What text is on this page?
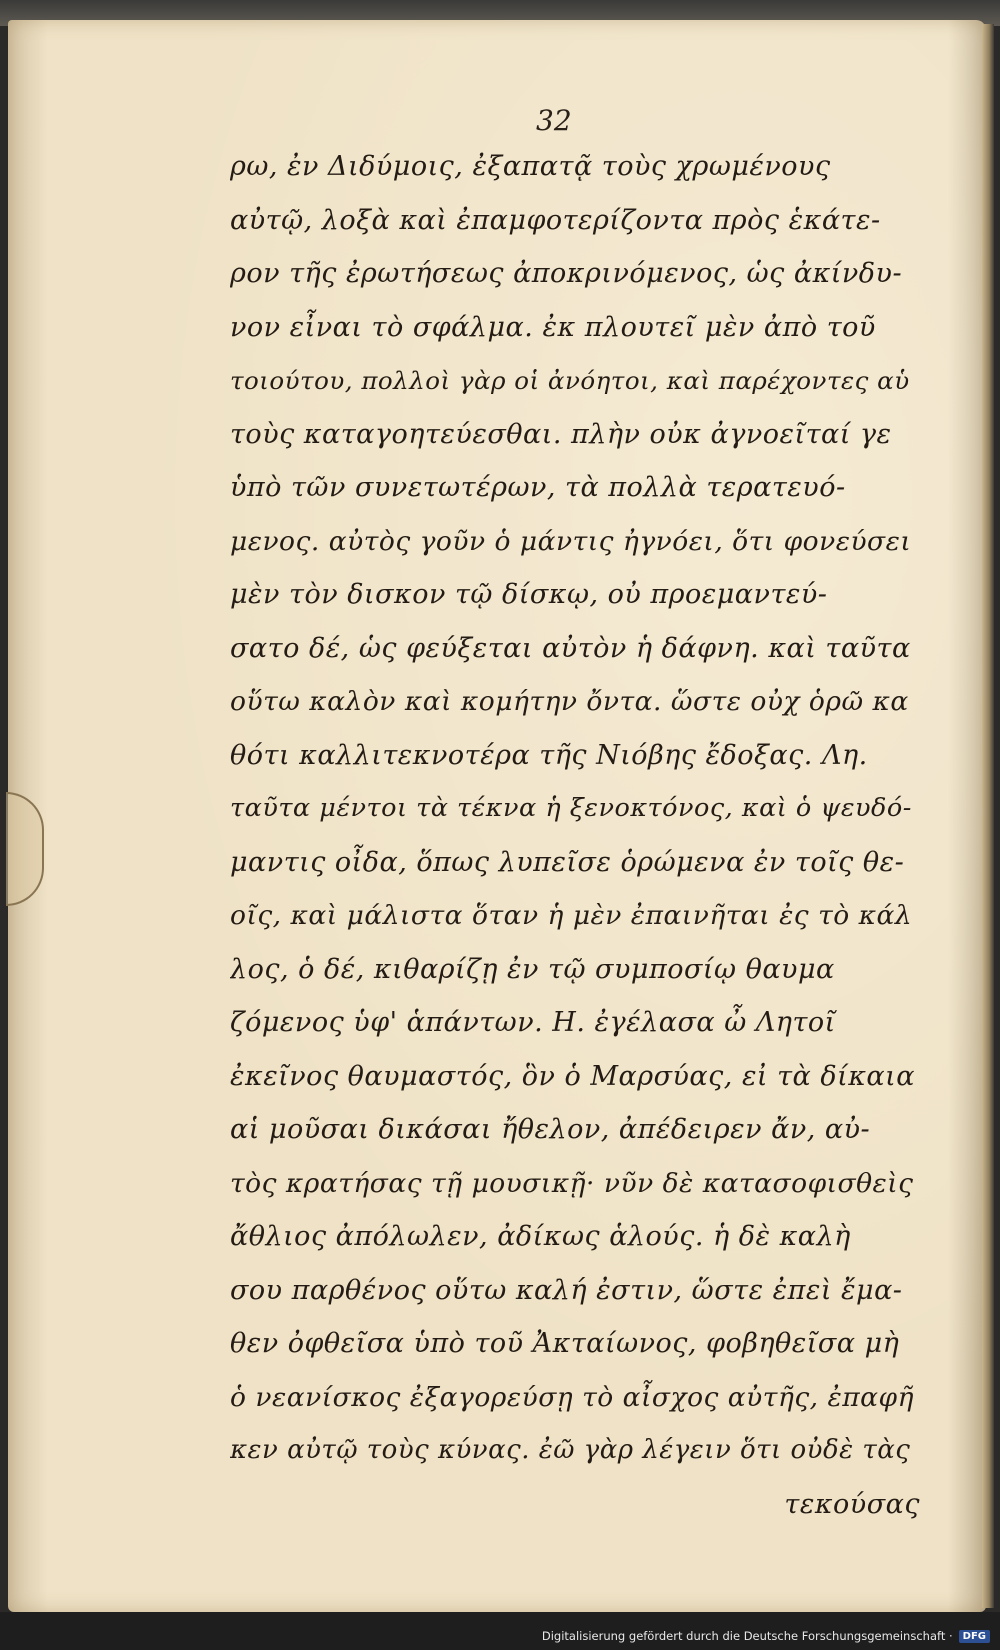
32
ρω, ἐν Διδύμοις, ἐξαπατᾷ τοὺς χρωμένους
αὐτῷ, λοξὰ καὶ ἐπαμφοτερίζοντα πρὸς ἑκάτε-
ρον τῆς ἐρωτήσεως ἀποκρινόμενος, ὡς ἀκίνδυ-
νον εἶναι τὸ σφάλμα. ἐκ πλουτεῖ μὲν ἀπὸ τοῦ
τοιούτου, πολλοὶ γὰρ οἱ ἀνόητοι, καὶ παρέχοντες αὑ
τοὺς καταγοητεύεσθαι. πλὴν οὐκ ἀγνοεῖταί γε
ὑπὸ τῶν συνετωτέρων, τὰ πολλὰ τερατευό-
μενος. αὐτὸς γοῦν ὁ μάντις ἠγνόει, ὅτι φονεύσει
μὲν τὸν δισκον τῷ δίσκῳ, οὐ προεμαντεύ-
σατο δέ, ὡς φεύξεται αὐτὸν ἡ δάφνη. καὶ ταῦτα
οὕτω καλὸν καὶ κομήτην ὄντα. ὥστε οὐχ ὁρῶ κα
θότι καλλιτεκνοτέρα τῆς Νιόβης ἔδοξας. Λη.
ταῦτα μέντοι τὰ τέκνα ἡ ξενοκτόνος, καὶ ὁ ψευδό-
μαντις οἶδα, ὅπως λυπεῖσε ὁρώμενα ἐν τοῖς θε-
οῖς, καὶ μάλιστα ὅταν ἡ μὲν ἐπαινῆται ἐς τὸ κάλ
λος, ὁ δέ, κιθαρίζῃ ἐν τῷ συμποσίῳ θαυμα
ζόμενος ὑφ' ἁπάντων. Η. ἐγέλασα ὦ Λητοῖ
ἐκεῖνος θαυμαστός, ὃν ὁ Μαρσύας, εἰ τὰ δίκαια
αἱ μοῦσαι δικάσαι ἤθελον, ἀπέδειρεν ἄν, αὐ-
τὸς κρατήσας τῇ μουσικῇ· νῦν δὲ κατασοφισθεὶς
ἄθλιος ἀπόλωλεν, ἀδίκως ἁλούς. ἡ δὲ καλὴ
σου παρθένος οὕτω καλή ἐστιν, ὥστε ἐπεὶ ἔμα-
θεν ὀφθεῖσα ὑπὸ τοῦ Ἀκταίωνος, φοβηθεῖσα μὴ
ὁ νεανίσκος ἐξαγορεύσῃ τὸ αἶσχος αὐτῆς, ἐπαφῆ
κεν αὐτῷ τοὺς κύνας. ἐῶ γὰρ λέγειν ὅτι οὐδὲ τὰς
τεκούσας
Digitalisierung gefördert durch die Deutsche Forschungsgemeinschaft ·	DFG
